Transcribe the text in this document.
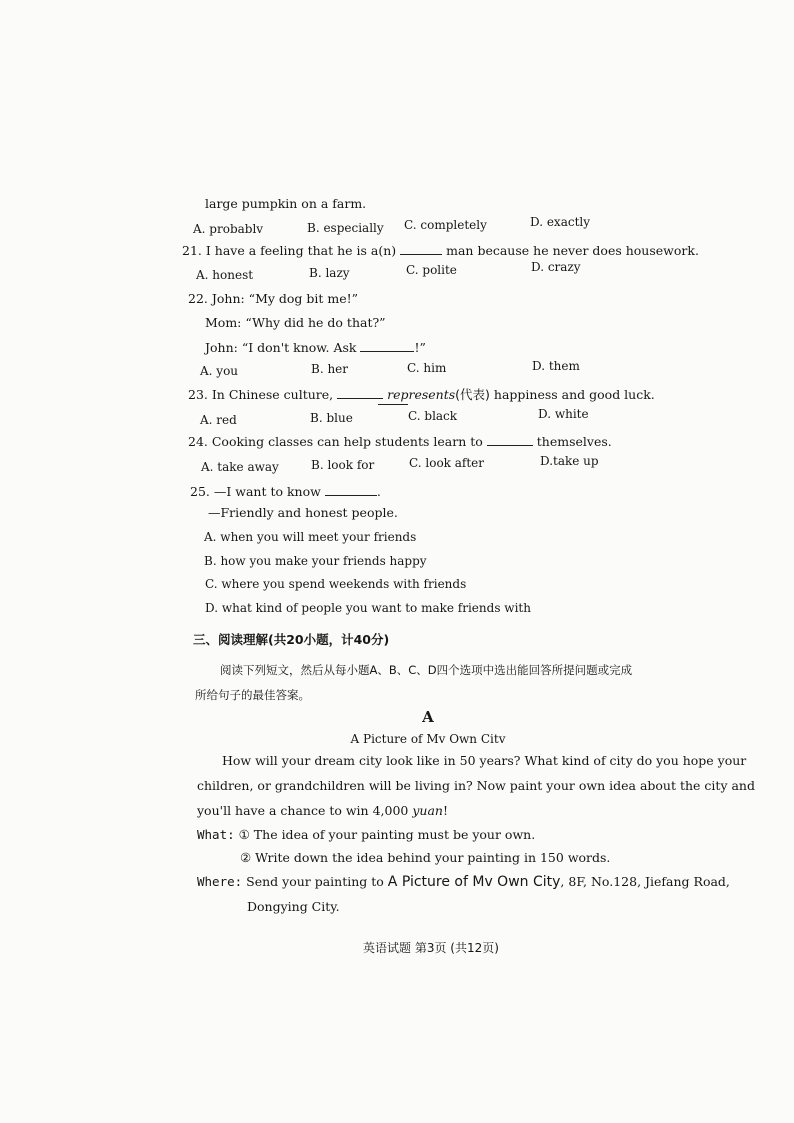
large pumpkin on a farm.
A. probablv	B. especially C. completely	D. exactly
21. I have a feeling that he is a(n)	man because he never does housework.
A. honest	B. lazy	C. polite	D. crazy
22. John: “My dog bit me!”
Mom: “Why did he do that?”
John: “I don't know. Ask	!”
A. you	B. her	C. him	D. them
23. In Chinese culture,	represents(代表) happiness and good luck.
A. red	B. blue	C. black	D. white
24. Cooking classes can help students learn to	themselves.
A. take away	B. look for	C. look after	D.take up
25. —I want to know	.
—Friendly and honest people.
A. when you will meet your friends
B. how you make your friends happy
C. where you spend weekends with friends
D. what kind of people you want to make friends with
三、阅读理解(共20小题，计40分)
阅读下列短文，然后从每小题A、B、C、D四个选项中选出能回答所提问题或完成
所给句子的最佳答案。
A
A Picture of Mv Own Citv
How will your dream city look like in 50 years? What kind of city do you hope your
children, or grandchildren will be living in? Now paint your own idea about the city and
you'll have a chance to win 4,000 yuan!
What: ① The idea of your painting must be your own.
② Write down the idea behind your painting in 150 words.
Where: Send your painting to A Picture of Mv Own City, 8F, No.128, Jiefang Road,
Dongying City.
英语试题 第3页 (共12页)
